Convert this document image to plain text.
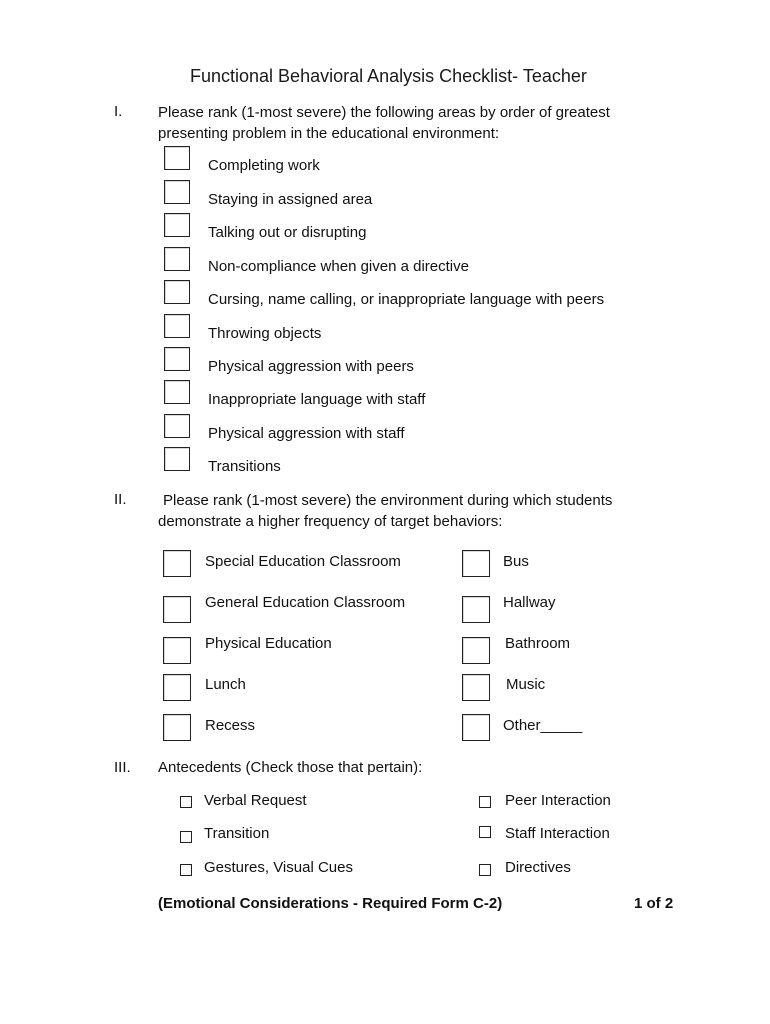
Functional Behavioral Analysis Checklist- Teacher
I. Please rank (1-most severe) the following areas by order of greatest
presenting problem in the educational environment:
Completing work
Staying in assigned area
Talking out or disrupting
Non-compliance when given a directive
Cursing, name calling, or inappropriate language with peers
Throwing objects
Physical aggression with peers
Inappropriate language with staff
Physical aggression with staff
Transitions
II. Please rank (1-most severe) the environment during which students
demonstrate a higher frequency of target behaviors:
Special Education Classroom	Bus
General Education Classroom	Hallway
Physical Education	Bathroom
Lunch	Music
Recess	Other_____
III. Antecedents (Check those that pertain):
Verbal Request	Peer Interaction
Transition	Staff Interaction
Gestures, Visual Cues	Directives
(Emotional Considerations - Required Form C-2)	1 of 2
